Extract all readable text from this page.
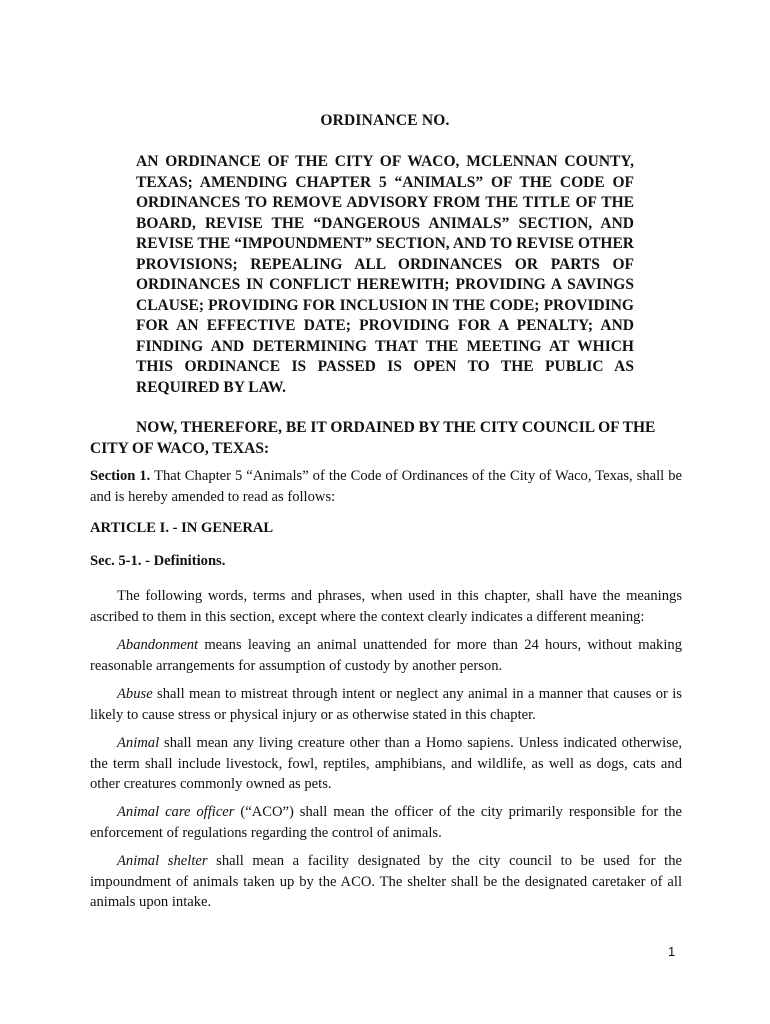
ORDINANCE NO.
AN ORDINANCE OF THE CITY OF WACO, MCLENNAN COUNTY, TEXAS; AMENDING CHAPTER 5 “ANIMALS” OF THE CODE OF ORDINANCES TO REMOVE ADVISORY FROM THE TITLE OF THE BOARD, REVISE THE “DANGEROUS ANIMALS” SECTION, AND REVISE THE “IMPOUNDMENT” SECTION, AND TO REVISE OTHER PROVISIONS; REPEALING ALL ORDINANCES OR PARTS OF ORDINANCES IN CONFLICT HEREWITH; PROVIDING A SAVINGS CLAUSE; PROVIDING FOR INCLUSION IN THE CODE; PROVIDING FOR AN EFFECTIVE DATE; PROVIDING FOR A PENALTY; AND FINDING AND DETERMINING THAT THE MEETING AT WHICH THIS ORDINANCE IS PASSED IS OPEN TO THE PUBLIC AS REQUIRED BY LAW.
NOW, THEREFORE, BE IT ORDAINED BY THE CITY COUNCIL OF THE CITY OF WACO, TEXAS:
Section 1. That Chapter 5 “Animals” of the Code of Ordinances of the City of Waco, Texas, shall be and is hereby amended to read as follows:
ARTICLE I. - IN GENERAL
Sec. 5-1. - Definitions.
The following words, terms and phrases, when used in this chapter, shall have the meanings ascribed to them in this section, except where the context clearly indicates a different meaning:
Abandonment means leaving an animal unattended for more than 24 hours, without making reasonable arrangements for assumption of custody by another person.
Abuse shall mean to mistreat through intent or neglect any animal in a manner that causes or is likely to cause stress or physical injury or as otherwise stated in this chapter.
Animal shall mean any living creature other than a Homo sapiens. Unless indicated otherwise, the term shall include livestock, fowl, reptiles, amphibians, and wildlife, as well as dogs, cats and other creatures commonly owned as pets.
Animal care officer (“ACO”) shall mean the officer of the city primarily responsible for the enforcement of regulations regarding the control of animals.
Animal shelter shall mean a facility designated by the city council to be used for the impoundment of animals taken up by the ACO. The shelter shall be the designated caretaker of all animals upon intake.
1
